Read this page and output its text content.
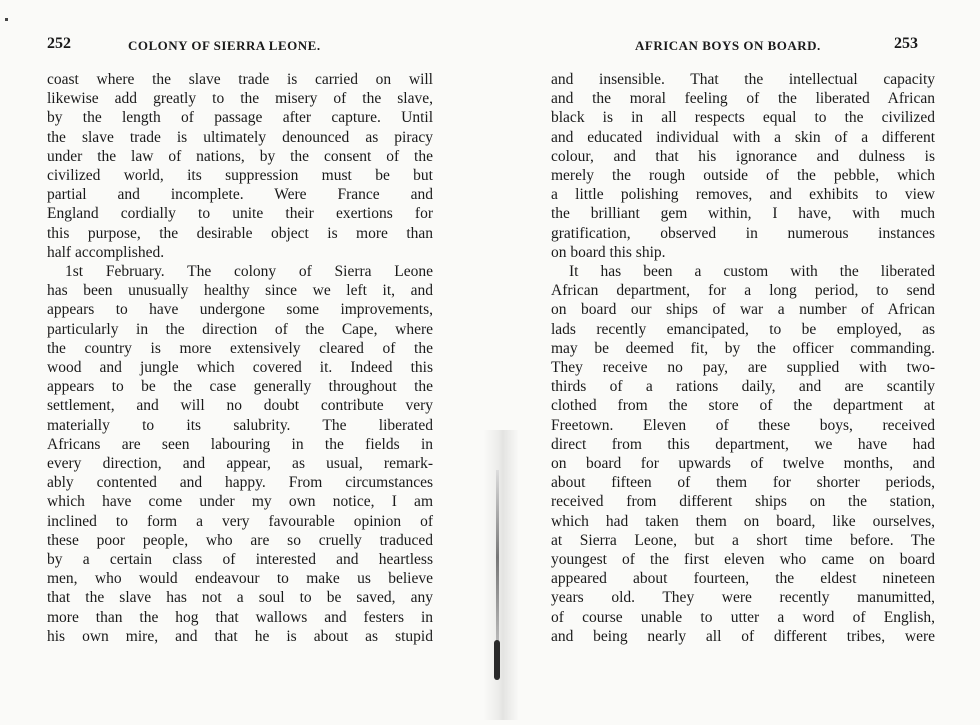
252	COLONY OF SIERRA LEONE.
coast where the slave trade is carried on will
likewise add greatly to the misery of the slave,
by the length of passage after capture. Until
the slave trade is ultimately denounced as piracy
under the law of nations, by the consent of the
civilized world, its suppression must be but
partial and incomplete. Were France and
England cordially to unite their exertions for
this purpose, the desirable object is more than
half accomplished.
1st February. The colony of Sierra Leone
has been unusually healthy since we left it, and
appears to have undergone some improvements,
particularly in the direction of the Cape, where
the country is more extensively cleared of the
wood and jungle which covered it. Indeed this
appears to be the case generally throughout the
settlement, and will no doubt contribute very
materially to its salubrity. The liberated
Africans are seen labouring in the fields in
every direction, and appear, as usual, remark-
ably contented and happy. From circumstances
which have come under my own notice, I am
inclined to form a very favourable opinion of
these poor people, who are so cruelly traduced
by a certain class of interested and heartless
men, who would endeavour to make us believe
that the slave has not a soul to be saved, any
more than the hog that wallows and festers in
his own mire, and that he is about as stupid
253
AFRICAN BOYS ON BOARD.
and insensible. That the intellectual capacity
and the moral feeling of the liberated African
black is in all respects equal to the civilized
and educated individual with a skin of a different
colour, and that his ignorance and dulness is
merely the rough outside of the pebble, which
a little polishing removes, and exhibits to view
the brilliant gem within, I have, with much
gratification, observed in numerous instances
on board this ship.
It has been a custom with the liberated
African department, for a long period, to send
on board our ships of war a number of African
lads recently emancipated, to be employed, as
may be deemed fit, by the officer commanding.
They receive no pay, are supplied with two-
thirds of a rations daily, and are scantily
clothed from the store of the department at
Freetown. Eleven of these boys, received
direct from this department, we have had
on board for upwards of twelve months, and
about fifteen of them for shorter periods,
received from different ships on the station,
which had taken them on board, like ourselves,
at Sierra Leone, but a short time before. The
youngest of the first eleven who came on board
appeared about fourteen, the eldest nineteen
years old. They were recently manumitted,
of course unable to utter a word of English,
and being nearly all of different tribes, were
